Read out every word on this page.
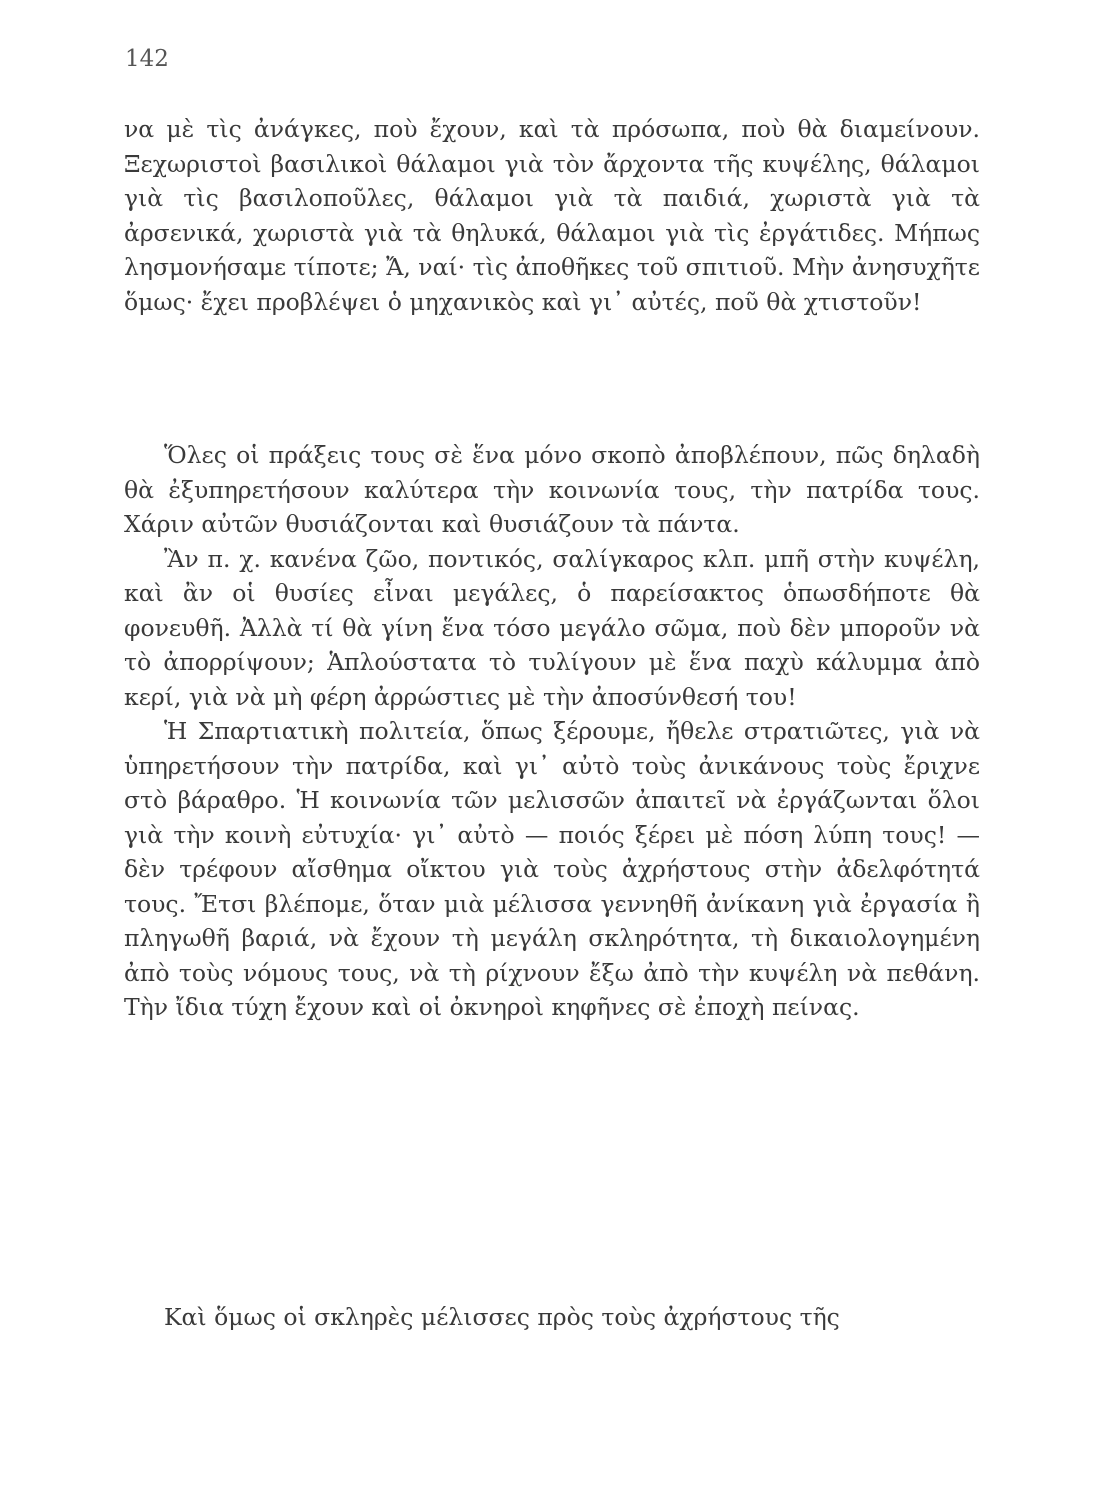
142

να μὲ τὶς ἀνάγκες, ποὺ ἔχουν, καὶ τὰ πρόσωπα, ποὺ θὰ διαμείνουν. Ξεχωριστοὶ βασιλικοὶ θάλαμοι γιὰ τὸν ἄρχοντα τῆς κυψέλης, θάλαμοι γιὰ τὶς βασιλοποῦλες, θάλαμοι γιὰ τὰ παιδιά, χωριστὰ γιὰ τὰ ἀρσενικά, χωριστὰ γιὰ τὰ θηλυκά, θάλαμοι γιὰ τὶς ἐργάτιδες. Μήπως λησμονήσαμε τίποτε; Ἄ, ναί· τὶς ἀποθῆκες τοῦ σπιτιοῦ. Μὴν ἀνησυχῆτε ὅμως· ἔχει προβλέψει ὁ μηχανικὸς καὶ γι᾿ αὐτές, ποῦ θὰ χτιστοῦν!

Ὅλες οἱ πράξεις τους σὲ ἕνα μόνο σκοπὸ ἀποβλέπουν, πῶς δηλαδὴ θὰ ἐξυπηρετήσουν καλύτερα τὴν κοινωνία τους, τὴν πατρίδα τους. Χάριν αὐτῶν θυσιάζονται καὶ θυσιάζουν τὰ πάντα.

Ἂν π. χ. κανένα ζῶο, ποντικός, σαλίγκαρος κλπ. μπῆ στὴν κυψέλη, καὶ ἂν οἱ θυσίες εἶναι μεγάλες, ὁ παρείσακτος ὁπωσδήποτε θὰ φονευθῆ. Ἀλλὰ τί θὰ γίνη ἕνα τόσο μεγάλο σῶμα, ποὺ δὲν μποροῦν νὰ τὸ ἀπορρίψουν; Ἁπλούστατα τὸ τυλίγουν μὲ ἕνα παχὺ κάλυμμα ἀπὸ κερί, γιὰ νὰ μὴ φέρη ἀρρώστιες μὲ τὴν ἀποσύνθεσή του!

Ἡ Σπαρτιατικὴ πολιτεία, ὅπως ξέρουμε, ἤθελε στρατιῶτες, γιὰ νὰ ὑπηρετήσουν τὴν πατρίδα, καὶ γι᾿ αὐτὸ τοὺς ἀνικάνους τοὺς ἔριχνε στὸ βάραθρο. Ἡ κοινωνία τῶν μελισσῶν ἀπαιτεῖ νὰ ἐργάζωνται ὅλοι γιὰ τὴν κοινὴ εὐτυχία· γι᾿ αὐτὸ — ποιός ξέρει μὲ πόση λύπη τους! — δὲν τρέφουν αἴσθημα οἴκτου γιὰ τοὺς ἀχρήστους στὴν ἀδελφότητά τους. Ἔτσι βλέπομε, ὅταν μιὰ μέλισσα γεννηθῆ ἀνίκανη γιὰ ἐργασία ἢ πληγωθῆ βαριά, νὰ ἔχουν τὴ μεγάλη σκληρότητα, τὴ δικαιολογημένη ἀπὸ τοὺς νόμους τους, νὰ τὴ ρίχνουν ἔξω ἀπὸ τὴν κυψέλη νὰ πεθάνη. Τὴν ἴδια τύχη ἔχουν καὶ οἱ ὀκνηροὶ κηφῆνες σὲ ἐποχὴ πείνας.

Καὶ ὅμως οἱ σκληρὲς μέλισσες πρὸς τοὺς ἀχρήστους τῆς
